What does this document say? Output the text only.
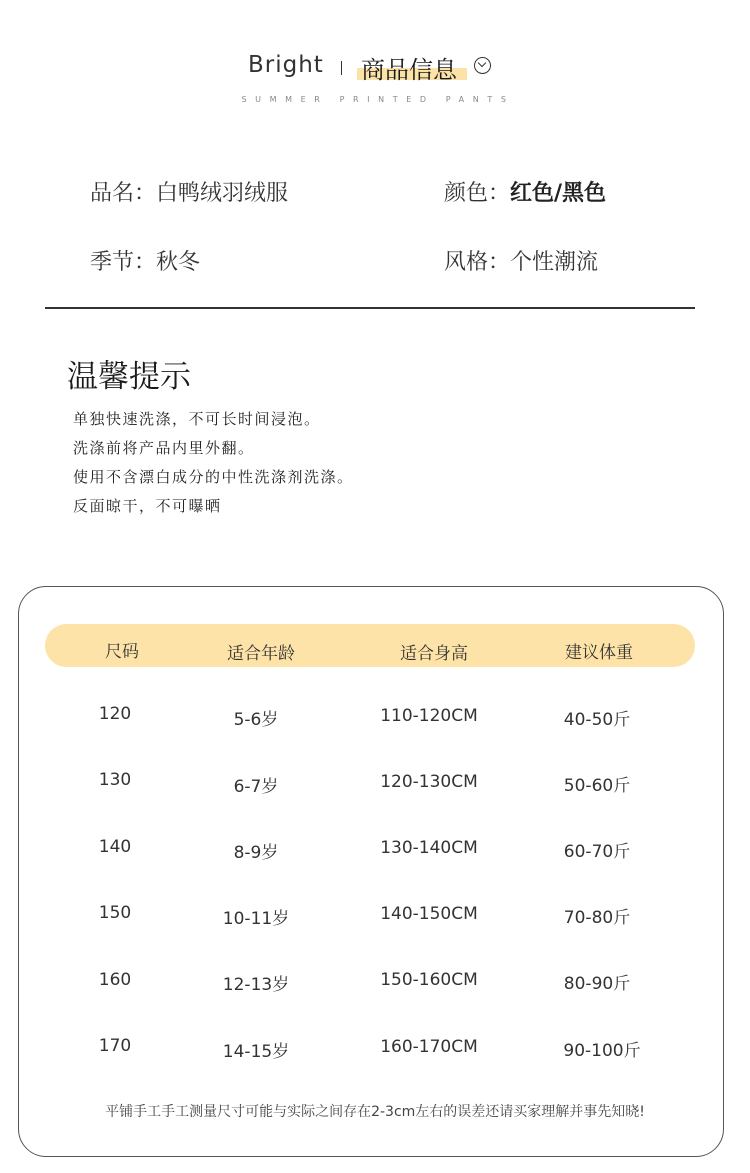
Bright 商品信息
SUMMER PRINTED PANTS
品名：白鸭绒羽绒服	颜色：红色/黑色
季节：秋冬	风格：个性潮流
温馨提示
单独快速洗涤，不可长时间浸泡。
洗涤前将产品内里外翻。
使用不含漂白成分的中性洗涤剂洗涤。
反面晾干，不可曝晒
尺码	适合年龄	适合身高	建议体重
120	5-6岁	110-120CM	40-50斤
130	6-7岁	120-130CM	50-60斤
140	8-9岁	130-140CM	60-70斤
150	10-11岁	140-150CM	70-80斤
160	12-13岁	150-160CM	80-90斤
170	14-15岁	160-170CM	90-100斤
平铺手工手工测量尺寸可能与实际之间存在2-3cm左右的误差还请买家理解并事先知晓!
